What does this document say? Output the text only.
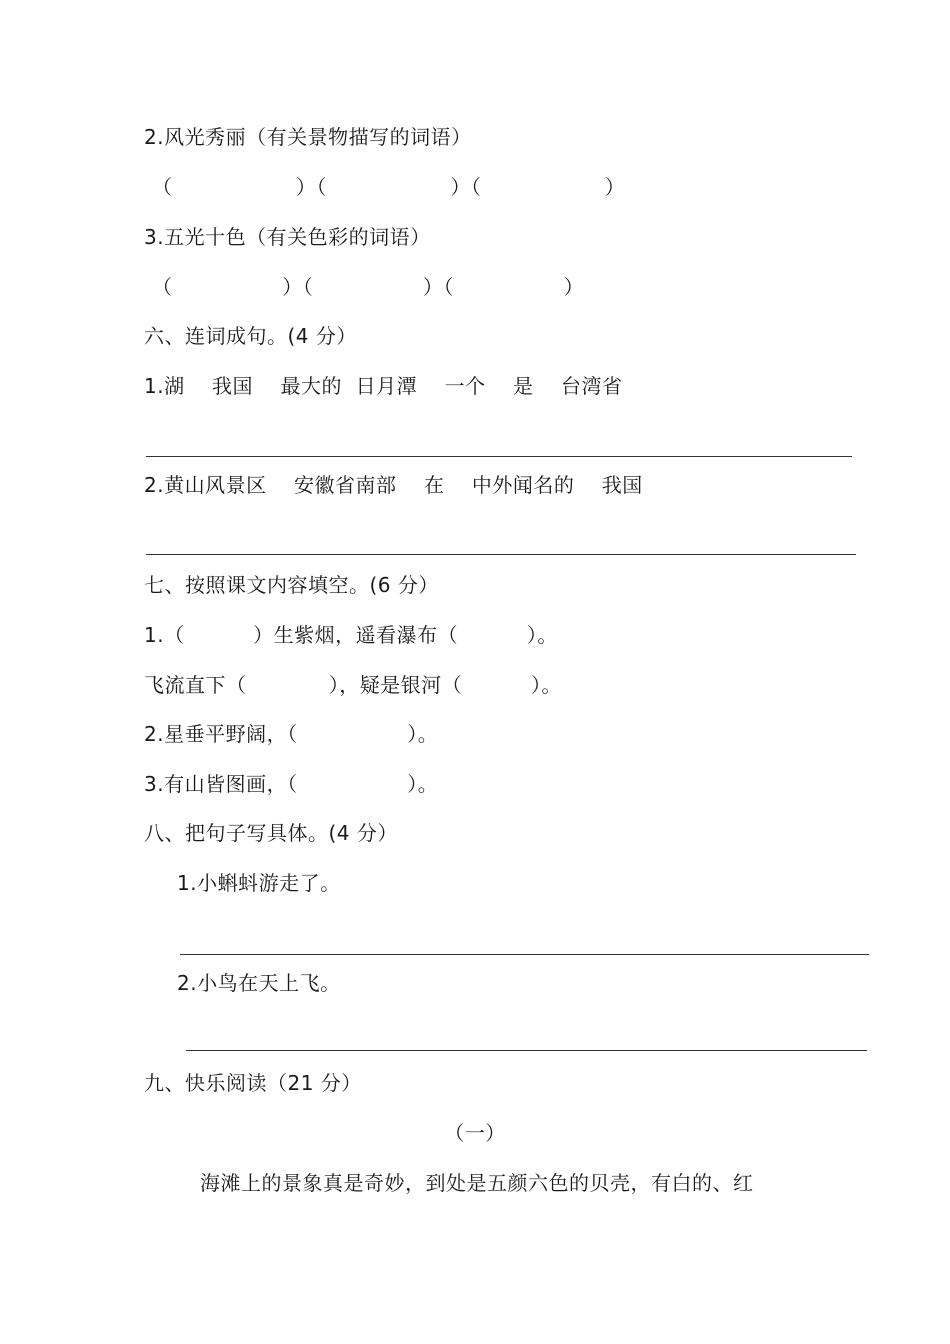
2.风光秀丽（有关景物描写的词语）
（                  ）（                  ）（                  ）
3.五光十色（有关色彩的词语）
（                ）（                ）（                ）
六、连词成句。(4 分）
1.湖    我国    最大的  日月潭    一个    是    台湾省
2.黄山风景区    安徽省南部    在    中外闻名的    我国
七、按照课文内容填空。(6 分）
1.（          ）生紫烟，遥看瀑布（          ）。
飞流直下（            ），疑是银河（          ）。
2.星垂平野阔，（                ）。
3.有山皆图画，（                ）。
八、把句子写具体。(4 分）
1.小蝌蚪游走了。
2.小鸟在天上飞。
九、快乐阅读（21 分）
（一）
海滩上的景象真是奇妙，到处是五颜六色的贝壳，有白的、红
